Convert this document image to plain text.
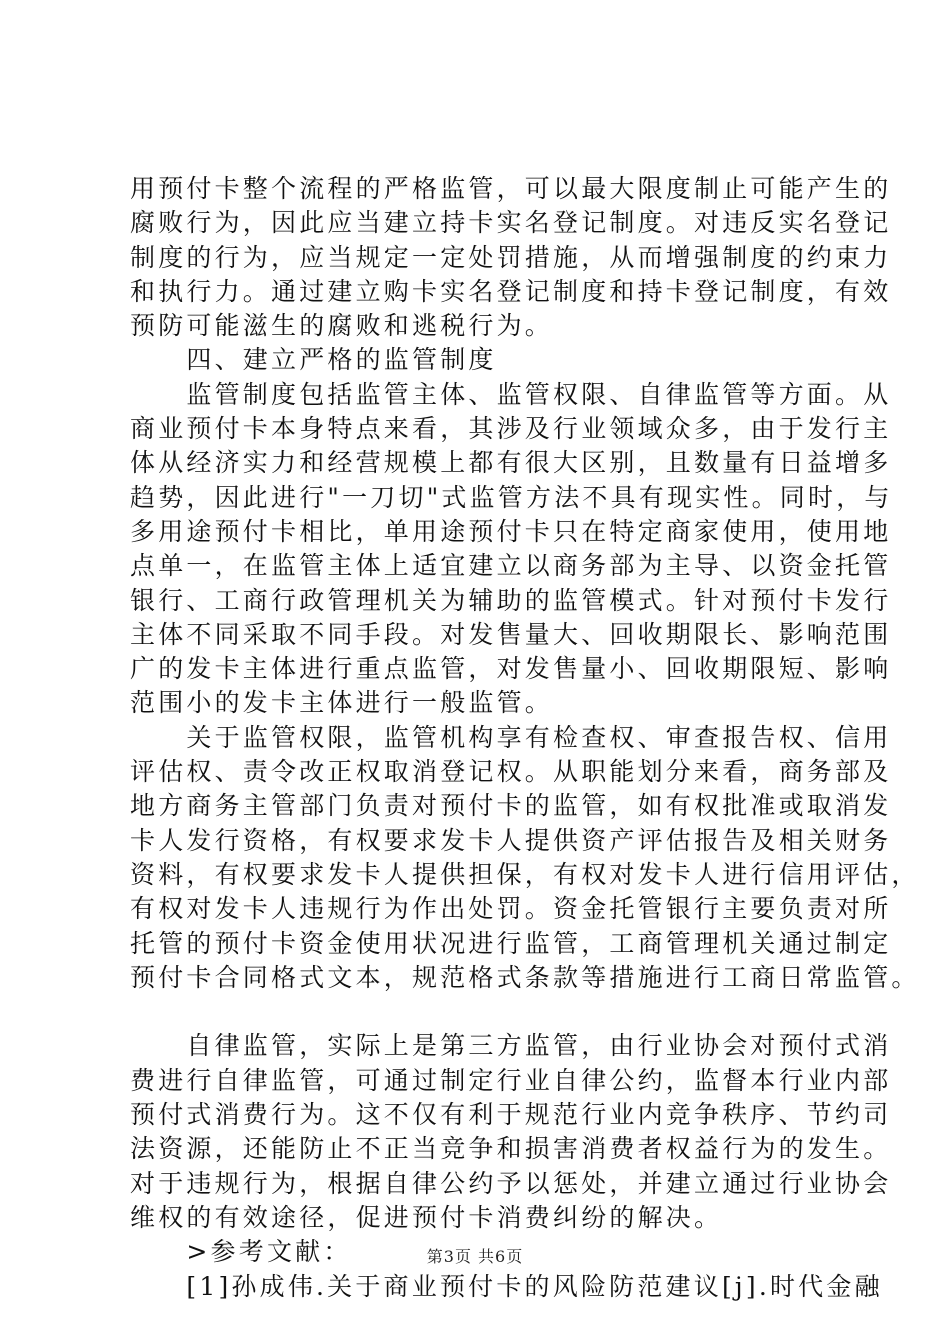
用预付卡整个流程的严格监管，可以最大限度制止可能产生的
腐败行为，因此应当建立持卡实名登记制度。对违反实名登记
制度的行为，应当规定一定处罚措施，从而增强制度的约束力
和执行力。通过建立购卡实名登记制度和持卡登记制度，有效
预防可能滋生的腐败和逃税行为。
　　四、建立严格的监管制度
　　监管制度包括监管主体、监管权限、自律监管等方面。从
商业预付卡本身特点来看，其涉及行业领域众多，由于发行主
体从经济实力和经营规模上都有很大区别，且数量有日益增多
趋势，因此进行"一刀切"式监管方法不具有现实性。同时，与
多用途预付卡相比，单用途预付卡只在特定商家使用，使用地
点单一，在监管主体上适宜建立以商务部为主导、以资金托管
银行、工商行政管理机关为辅助的监管模式。针对预付卡发行
主体不同采取不同手段。对发售量大、回收期限长、影响范围
广的发卡主体进行重点监管，对发售量小、回收期限短、影响
范围小的发卡主体进行一般监管。
　　关于监管权限，监管机构享有检查权、审查报告权、信用
评估权、责令改正权取消登记权。从职能划分来看，商务部及
地方商务主管部门负责对预付卡的监管，如有权批准或取消发
卡人发行资格，有权要求发卡人提供资产评估报告及相关财务
资料，有权要求发卡人提供担保，有权对发卡人进行信用评估，
有权对发卡人违规行为作出处罚。资金托管银行主要负责对所
托管的预付卡资金使用状况进行监管，工商管理机关通过制定
预付卡合同格式文本，规范格式条款等措施进行工商日常监管。
　　自律监管，实际上是第三方监管，由行业协会对预付式消
费进行自律监管，可通过制定行业自律公约，监督本行业内部
预付式消费行为。这不仅有利于规范行业内竞争秩序、节约司
法资源，还能防止不正当竞争和损害消费者权益行为的发生。
对于违规行为，根据自律公约予以惩处，并建立通过行业协会
维权的有效途径，促进预付卡消费纠纷的解决。
　　>参考文献：
　　[1]孙成伟.关于商业预付卡的风险防范建议[j].时代金融
第3页 共6页
